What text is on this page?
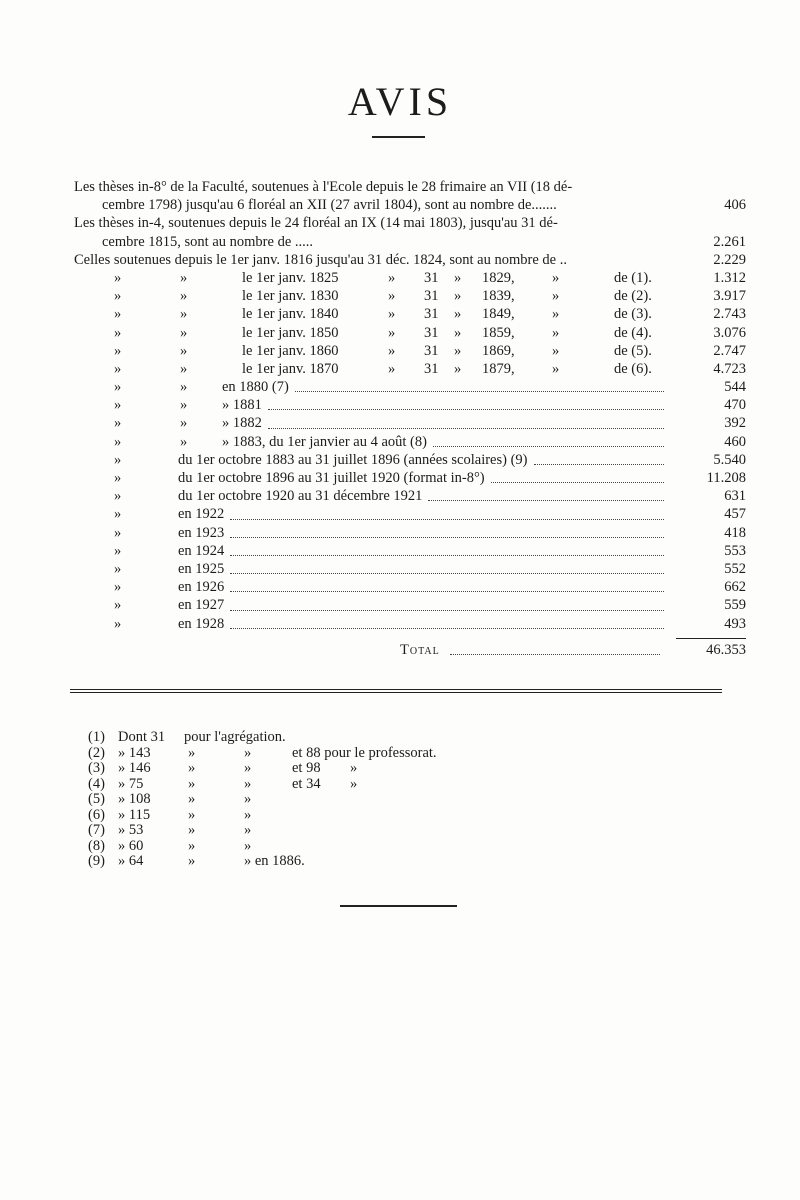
AVIS
Les thèses in-8° de la Faculté, soutenues à l'Ecole depuis le 28 frimaire an VII (18 dé-
cembre 1798) jusqu'au 6 floréal an XII (27 avril 1804), sont au nombre de.......	406
Les thèses in-4, soutenues depuis le 24 floréal an IX (14 mai 1803), jusqu'au 31 dé-
cembre 1815, sont au nombre de .....	2.261
Celles soutenues depuis le 1er janv. 1816 jusqu'au 31 déc. 1824, sont au nombre de ..	2.229
»	»	le 1er janv. 1825	» 31 » 1829,	»	de (1).	1.312
»	»	le 1er janv. 1830	» 31 » 1839,	»	de (2).	3.917
»	»	le 1er janv. 1840	» 31 » 1849,	»	de (3).	2.743
»	»	le 1er janv. 1850	» 31 » 1859,	»	de (4).	3.076
»	»	le 1er janv. 1860	» 31 » 1869,	»	de (5).	2.747
»	»	le 1er janv. 1870	» 31 » 1879,	»	de (6).	4.723
»	» en 1880 (7)	544
»	» » 1881	470
»	» » 1882	392
»	» » 1883, du 1er janvier au 4 août (8)	460
»	du 1er octobre 1883 au 31 juillet 1896 (années scolaires) (9)	5.540
»	du 1er octobre 1896 au 31 juillet 1920 (format in-8°)	11.208
»	du 1er octobre 1920 au 31 décembre 1921	631
»	en 1922	457
»	en 1923	418
»	en 1924	553
»	en 1925	552
»	en 1926	662
»	en 1927	559
»	en 1928	493
Total	46.353
(1) Dont 31 pour l'agrégation.
(2) » 143	»	»	et 88 pour le professorat.
(3) » 146	»	»	et 98 »
(4) » 75	»	»	et 34 »
(5) » 108	»	»
(6) » 115	»	»
(7) » 53	»	»
(8) » 60	»	»
(9) » 64	»	» en 1886.
